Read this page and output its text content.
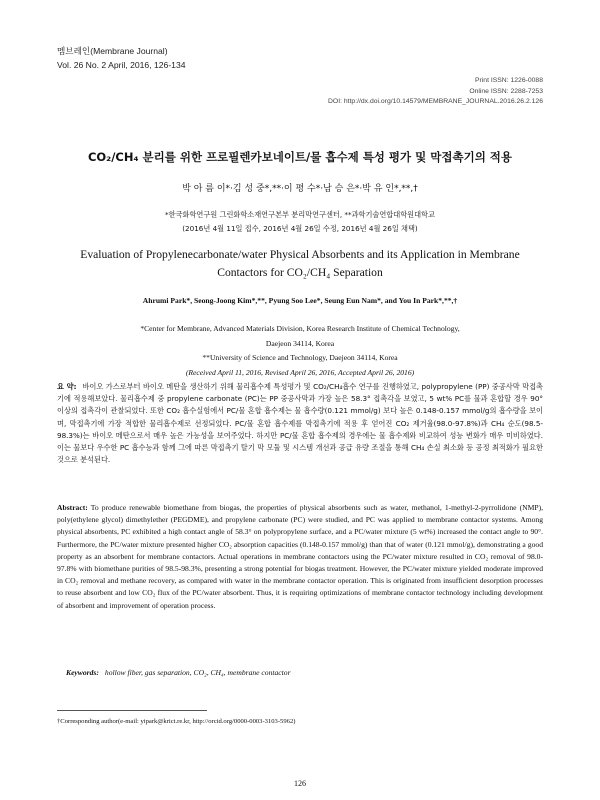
멤브레인(Membrane Journal)
Vol. 26 No. 2 April, 2016, 126-134
Print ISSN: 1226-0088
Online ISSN: 2288-7253
DOI: http://dx.doi.org/10.14579/MEMBRANE_JOURNAL.2016.26.2.126
CO₂/CH₄ 분리를 위한 프로필렌카보네이트/물 흡수제 특성 평가 및 막접촉기의 적용
박 아 름 이*·김 성 중*,**·이 평 수*·남 승 은*·박 유 인*,**,†
*한국화학연구원 그린화학소재연구본부 분리막연구센터, **과학기술연합대학원대학교
(2016년 4월 11일 접수, 2016년 4월 26일 수정, 2016년 4월 26일 채택)
Evaluation of Propylenecarbonate/water Physical Absorbents and its Application in Membrane
Contactors for CO₂/CH₄ Separation
Ahrumi Park*, Seong-Joong Kim*,**, Pyung Soo Lee*, Seung Eun Nam*, and You In Park*,**,†
*Center for Membrane, Advanced Materials Division, Korea Research Institute of Chemical Technology,
Daejeon 34114, Korea
**University of Science and Technology, Daejeon 34114, Korea
(Received April 11, 2016, Revised April 26, 2016, Accepted April 26, 2016)
요 약: 바이오 가스로부터 바이오 메탄을 생산하기 위해 물리흡수제 특성평가 및 CO₂/CH₄흡수 연구를 진행하였고, polypropylene (PP) 중공사막 막접촉기에 적용해보았다. 물리흡수제 중 propylene carbonate (PC)는 PP 중공사막과 가장 높은 58.3° 접촉각을 보였고, 5 wt% PC를 물과 혼합할 경우 90° 이상의 접촉각이 관찰되었다. 또한 CO₂ 흡수실험에서 PC/물 혼합 흡수제는 물 흡수량(0.121 mmol/g) 보다 높은 0.148-0.157 mmol/g의 흡수량을 보이며, 막접촉기에 가장 적합한 물리흡수제로 선정되었다. PC/물 혼합 흡수제를 막접촉기에 적용 후 얻어진 CO₂ 제거율(98.0-97.8%)과 CH₄ 순도(98.5-98.3%)는 바이오 메탄으로서 매우 높은 가능성을 보여주었다. 하지만 PC/물 혼합 흡수제의 경우에는 물 흡수제와 비교하여 성능 변화가 매우 미비하였다. 이는 물보다 우수한 PC 흡수능과 함께 그에 따른 막접촉기 탈기 막 모듈 및 시스템 개선과 공급 유량 조절을 통해 CH₄ 손실 최소화 등 공정 최적화가 필요한 것으로 분석된다.
Abstract: To produce renewable biomethane from biogas, the properties of physical absorbents such as water, methanol, 1-methyl-2-pyrrolidone (NMP), poly(ethylene glycol) dimethylether (PEGDME), and propylene carbonate (PC) were studied, and PC was applied to membrane contactor systems. Among physical absorbents, PC exhibited a high contact angle of 58.3° on polypropylene surface, and a PC/water mixture (5 wt%) increased the contact angle to 90°. Furthermore, the PC/water mixture presented higher CO₂ absorption capacities (0.148-0.157 mmol/g) than that of water (0.121 mmol/g), demonstrating a good property as an absorbent for membrane contactors. Actual operations in membrane contactors using the PC/water mixture resulted in CO₂ removal of 98.0-97.8% with biomethane purities of 98.5-98.3%, presenting a strong potential for biogas treatment. However, the PC/water mixture yielded moderate improved in CO₂ removal and methane recovery, as compared with water in the membrane contactor operation. This is originated from insufficient desorption processes to reuse absorbent and low CO₂ flux of the PC/water absorbent. Thus, it is requiring optimizations of membrane contactor technology including development of absorbent and improvement of operation process.
Keywords: hollow fiber, gas separation, CO₂, CH₄, membrane contactor
†Corresponding author(e-mail: yipark@krict.re.kr, http://orcid.org/0000-0003-3103-5962)
126
